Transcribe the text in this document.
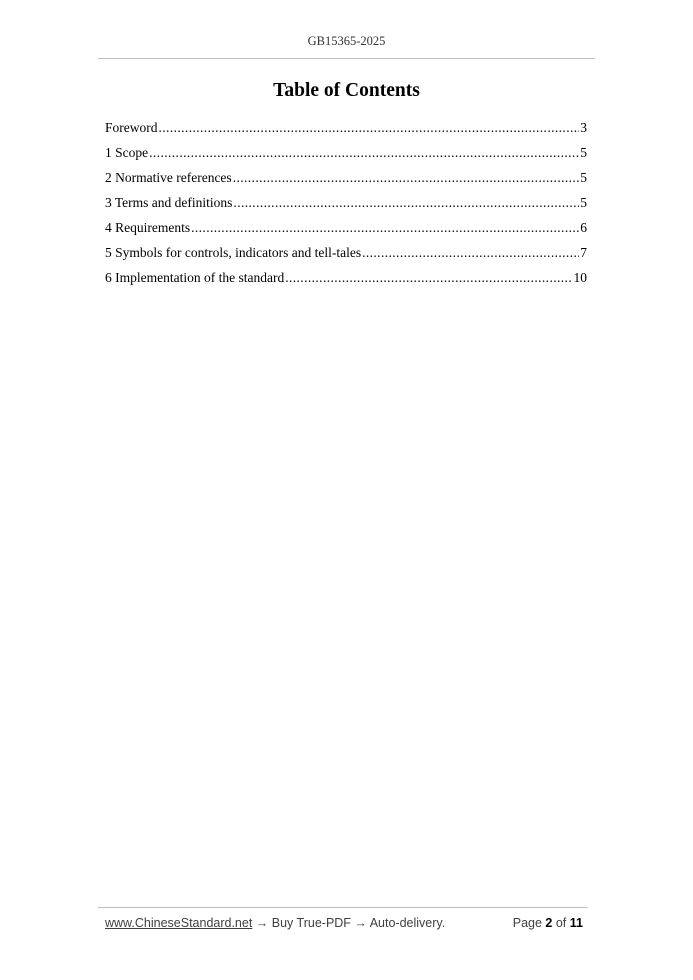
GB15365-2025
Table of Contents
Foreword .....	3
1 Scope .....	5
2 Normative references .....	5
3 Terms and definitions .....	5
4 Requirements .....	6
5 Symbols for controls, indicators and tell-tales .....	7
6 Implementation of the standard .....	10
www.ChineseStandard.net → Buy True-PDF → Auto-delivery.	Page 2 of 11
